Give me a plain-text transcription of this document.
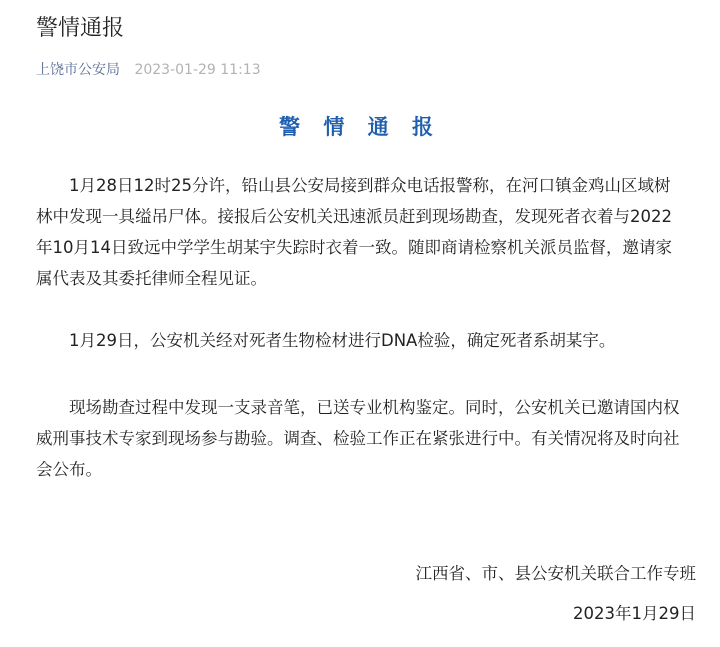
警情通报
上饶市公安局 2023-01-29 11:13
警 情 通 报

1月28日12时25分许，铅山县公安局接到群众电话报警称，在河口镇金鸡山区域树林中发现一具缢吊尸体。接报后公安机关迅速派员赶到现场勘查，发现死者衣着与2022年10月14日致远中学学生胡某宇失踪时衣着一致。随即商请检察机关派员监督，邀请家属代表及其委托律师全程见证。

1月29日，公安机关经对死者生物检材进行DNA检验，确定死者系胡某宇。

现场勘查过程中发现一支录音笔，已送专业机构鉴定。同时，公安机关已邀请国内权威刑事技术专家到现场参与勘验。调查、检验工作正在紧张进行中。有关情况将及时向社会公布。

江西省、市、县公安机关联合工作专班
2023年1月29日
